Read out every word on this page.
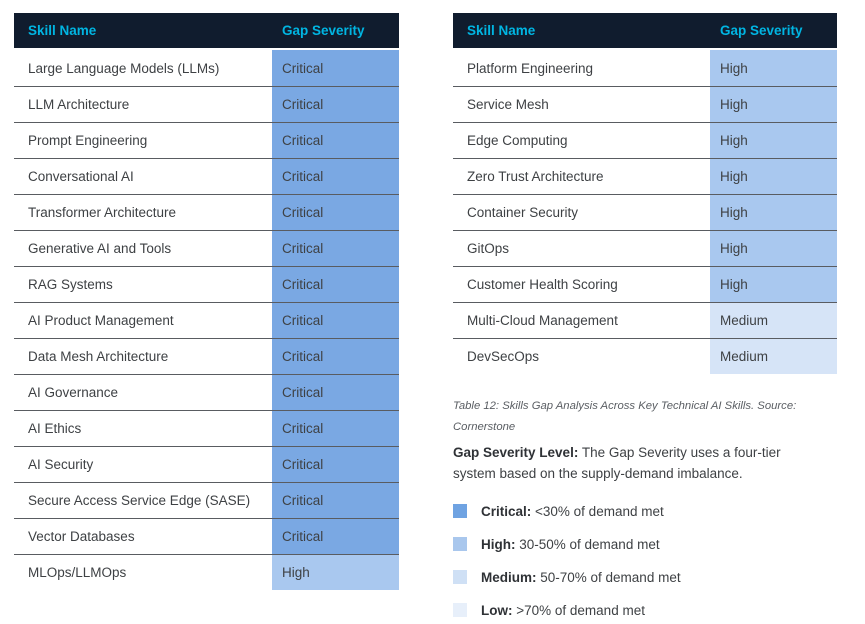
Skill Name	Gap Severity
Large Language Models (LLMs)	Critical
LLM Architecture	Critical
Prompt Engineering	Critical
Conversational AI	Critical
Transformer Architecture	Critical
Generative AI and Tools	Critical
RAG Systems	Critical
AI Product Management	Critical
Data Mesh Architecture	Critical
AI Governance	Critical
AI Ethics	Critical
AI Security	Critical
Secure Access Service Edge (SASE)	Critical
Vector Databases	Critical
MLOps/LLMOps	High
Skill Name	Gap Severity
Platform Engineering	High
Service Mesh	High
Edge Computing	High
Zero Trust Architecture	High
Container Security	High
GitOps	High
Customer Health Scoring	High
Multi-Cloud Management	Medium
DevSecOps	Medium
Table 12: Skills Gap Analysis Across Key Technical AI Skills. Source:
Cornerstone
Gap Severity Level: The Gap Severity uses a four-tier system based on the supply-demand imbalance.
Critical: <30% of demand met
High: 30-50% of demand met
Medium: 50-70% of demand met
Low: >70% of demand met
